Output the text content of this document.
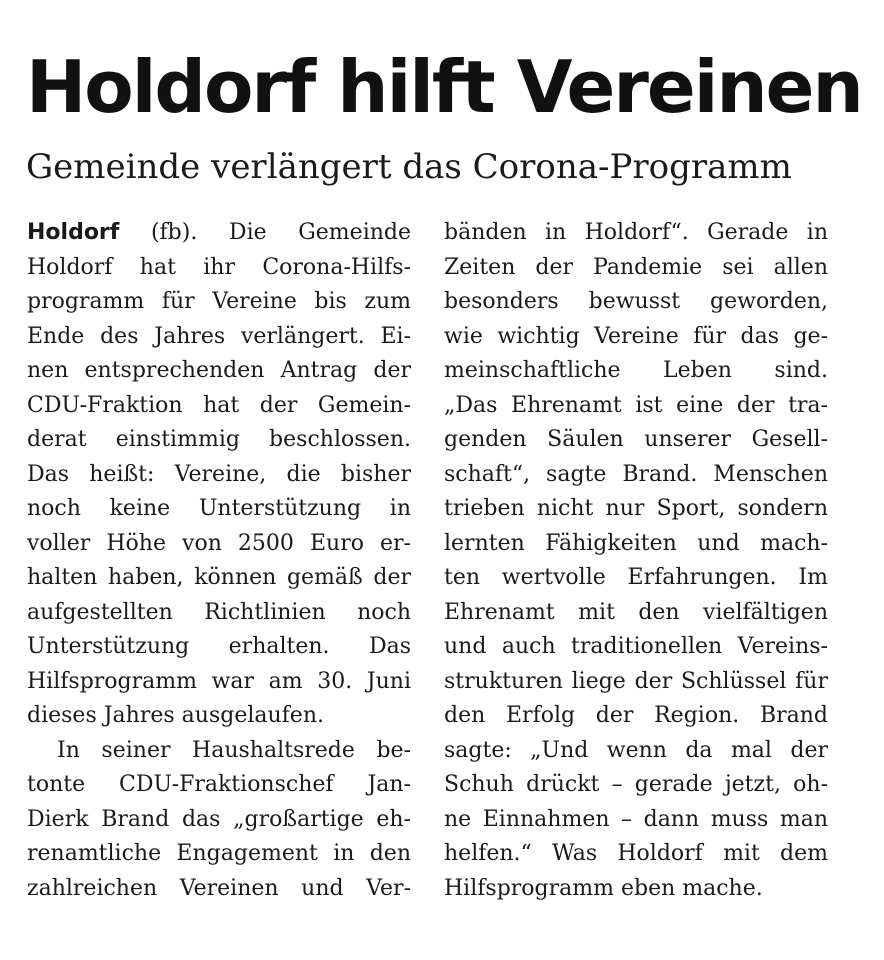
Holdorf hilft Vereinen
Gemeinde verlängert das Corona-Programm
Holdorf (fb). Die Gemeinde
Holdorf hat ihr Corona-Hilfs-
programm für Vereine bis zum
Ende des Jahres verlängert. Ei-
nen entsprechenden Antrag der
CDU-Fraktion hat der Gemein-
derat einstimmig beschlossen.
Das heißt: Vereine, die bisher
noch keine Unterstützung in
voller Höhe von 2500 Euro er-
halten haben, können gemäß der
aufgestellten Richtlinien noch
Unterstützung erhalten. Das
Hilfsprogramm war am 30. Juni
dieses Jahres ausgelaufen.
In seiner Haushaltsrede be-
tonte CDU-Fraktionschef Jan-
Dierk Brand das „großartige eh-
renamtliche Engagement in den
zahlreichen Vereinen und Ver-
bänden in Holdorf“. Gerade in
Zeiten der Pandemie sei allen
besonders bewusst geworden,
wie wichtig Vereine für das ge-
meinschaftliche Leben sind.
„Das Ehrenamt ist eine der tra-
genden Säulen unserer Gesell-
schaft“, sagte Brand. Menschen
trieben nicht nur Sport, sondern
lernten Fähigkeiten und mach-
ten wertvolle Erfahrungen. Im
Ehrenamt mit den vielfältigen
und auch traditionellen Vereins-
strukturen liege der Schlüssel für
den Erfolg der Region. Brand
sagte: „Und wenn da mal der
Schuh drückt – gerade jetzt, oh-
ne Einnahmen – dann muss man
helfen.“ Was Holdorf mit dem
Hilfsprogramm eben mache.
